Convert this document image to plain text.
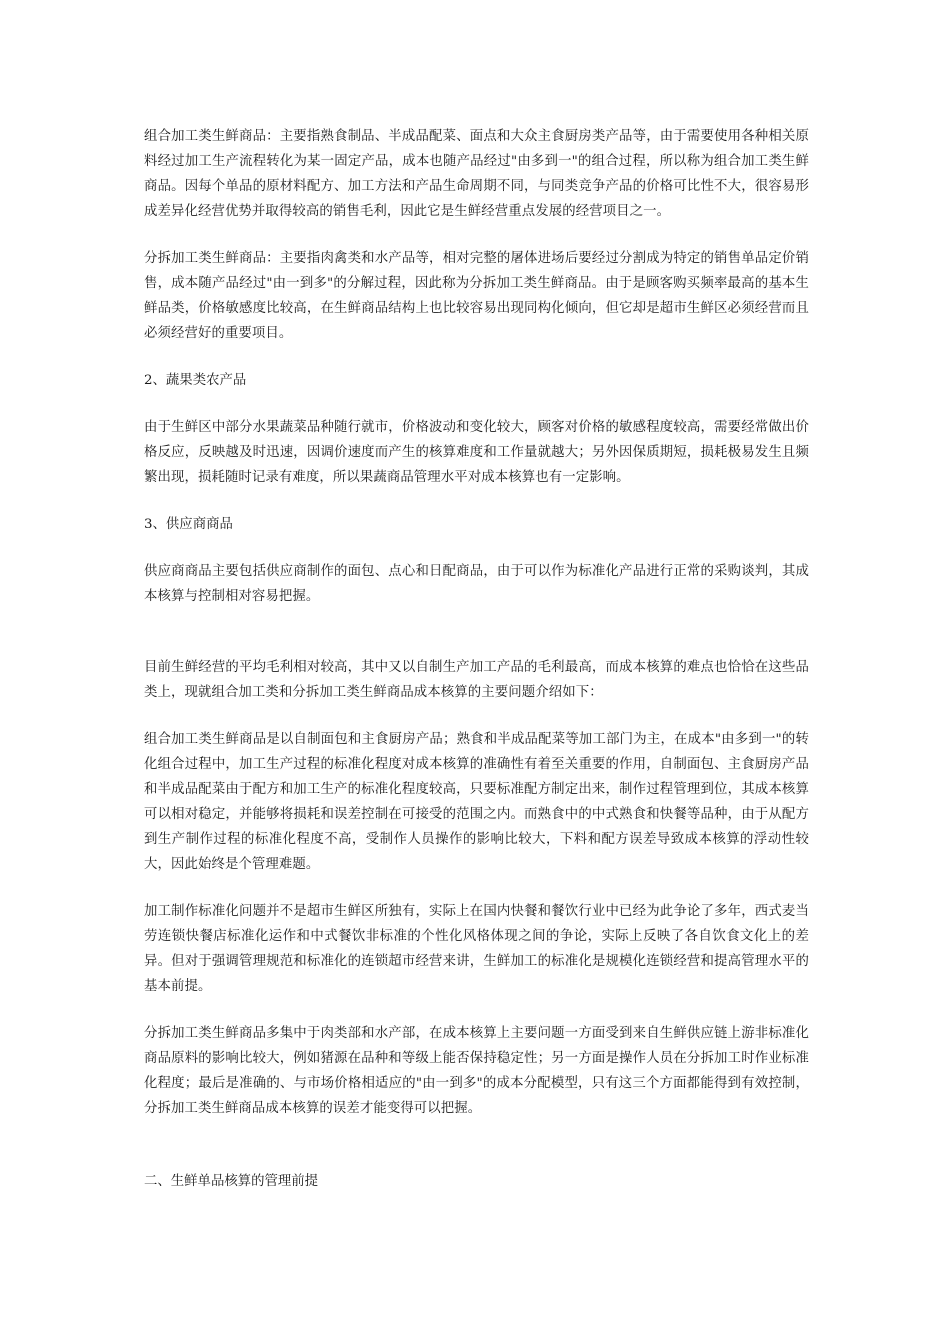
组合加工类生鲜商品：主要指熟食制品、半成品配菜、面点和大众主食厨房类产品等，由于需要使用各种相关原料经过加工生产流程转化为某一固定产品，成本也随产品经过"由多到一"的组合过程，所以称为组合加工类生鲜商品。因每个单品的原材料配方、加工方法和产品生命周期不同，与同类竞争产品的价格可比性不大，很容易形成差异化经营优势并取得较高的销售毛利，因此它是生鲜经营重点发展的经营项目之一。

分拆加工类生鲜商品：主要指肉禽类和水产品等，相对完整的屠体进场后要经过分割成为特定的销售单品定价销售，成本随产品经过"由一到多"的分解过程，因此称为分拆加工类生鲜商品。由于是顾客购买频率最高的基本生鲜品类，价格敏感度比较高，在生鲜商品结构上也比较容易出现同构化倾向，但它却是超市生鲜区必须经营而且必须经营好的重要项目。

2、蔬果类农产品

由于生鲜区中部分水果蔬菜品种随行就市，价格波动和变化较大，顾客对价格的敏感程度较高，需要经常做出价格反应，反映越及时迅速，因调价速度而产生的核算难度和工作量就越大；另外因保质期短，损耗极易发生且频繁出现，损耗随时记录有难度，所以果蔬商品管理水平对成本核算也有一定影响。

3、供应商商品

供应商商品主要包括供应商制作的面包、点心和日配商品，由于可以作为标准化产品进行正常的采购谈判，其成本核算与控制相对容易把握。

目前生鲜经营的平均毛利相对较高，其中又以自制生产加工产品的毛利最高，而成本核算的难点也恰恰在这些品类上，现就组合加工类和分拆加工类生鲜商品成本核算的主要问题介绍如下：

组合加工类生鲜商品是以自制面包和主食厨房产品；熟食和半成品配菜等加工部门为主，在成本"由多到一"的转化组合过程中，加工生产过程的标准化程度对成本核算的准确性有着至关重要的作用，自制面包、主食厨房产品和半成品配菜由于配方和加工生产的标准化程度较高，只要标准配方制定出来，制作过程管理到位，其成本核算可以相对稳定，并能够将损耗和误差控制在可接受的范围之内。而熟食中的中式熟食和快餐等品种，由于从配方到生产制作过程的标准化程度不高，受制作人员操作的影响比较大，下料和配方误差导致成本核算的浮动性较大，因此始终是个管理难题。

加工制作标准化问题并不是超市生鲜区所独有，实际上在国内快餐和餐饮行业中已经为此争论了多年，西式麦当劳连锁快餐店标准化运作和中式餐饮非标准的个性化风格体现之间的争论，实际上反映了各自饮食文化上的差异。但对于强调管理规范和标准化的连锁超市经营来讲，生鲜加工的标准化是规模化连锁经营和提高管理水平的基本前提。

分拆加工类生鲜商品多集中于肉类部和水产部，在成本核算上主要问题一方面受到来自生鲜供应链上游非标准化商品原料的影响比较大，例如猪源在品种和等级上能否保持稳定性；另一方面是操作人员在分拆加工时作业标准化程度；最后是准确的、与市场价格相适应的"由一到多"的成本分配模型，只有这三个方面都能得到有效控制，分拆加工类生鲜商品成本核算的误差才能变得可以把握。

二、生鲜单品核算的管理前提
